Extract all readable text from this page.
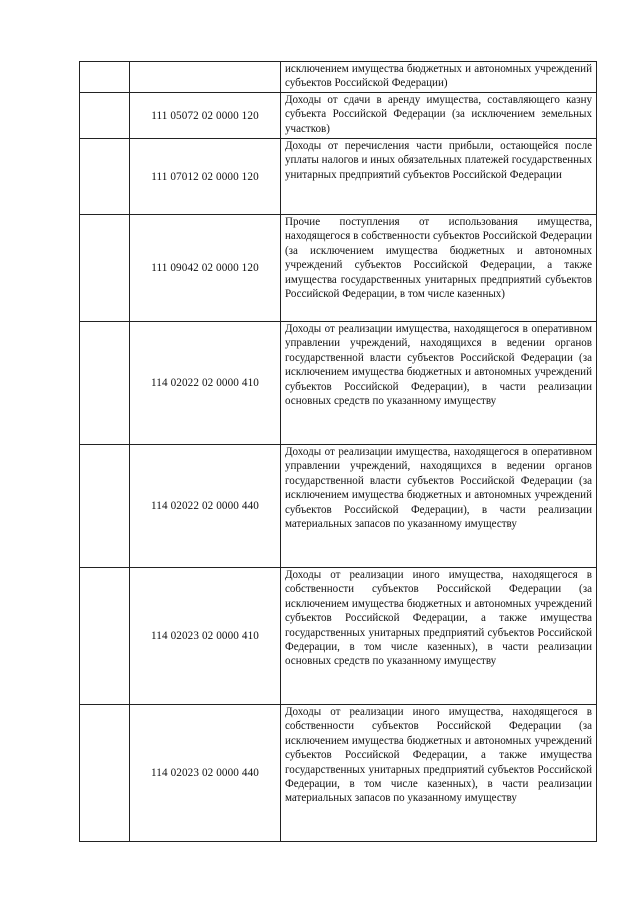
		исключением имущества бюджетных и автономных учреждений субъектов Российской Федерации)
	111 05072 02 0000 120	Доходы от сдачи в аренду имущества, составляющего казну субъекта Российской Федерации (за исключением земельных участков)
	111 07012 02 0000 120	Доходы от перечисления части прибыли, остающейся после уплаты налогов и иных обязательных платежей государственных унитарных предприятий субъектов Российской Федерации
	111 09042 02 0000 120	Прочие поступления от использования имущества, находящегося в собственности субъектов Российской Федерации (за исключением имущества бюджетных и автономных учреждений субъектов Российской Федерации, а также имущества государственных унитарных предприятий субъектов Российской Федерации, в том числе казенных)
	114 02022 02 0000 410	Доходы от реализации имущества, находящегося в оперативном управлении учреждений, находящихся в ведении органов государственной власти субъектов Российской Федерации (за исключением имущества бюджетных и автономных учреждений субъектов Российской Федерации), в части реализации основных средств по указанному имуществу
	114 02022 02 0000 440	Доходы от реализации имущества, находящегося в оперативном управлении учреждений, находящихся в ведении органов государственной власти субъектов Российской Федерации (за исключением имущества бюджетных и автономных учреждений субъектов Российской Федерации), в части реализации материальных запасов по указанному имуществу
	114 02023 02 0000 410	Доходы от реализации иного имущества, находящегося в собственности субъектов Российской Федерации (за исключением имущества бюджетных и автономных учреждений субъектов Российской Федерации, а также имущества государственных унитарных предприятий субъектов Российской Федерации, в том числе казенных), в части реализации основных средств по указанному имуществу
	114 02023 02 0000 440	Доходы от реализации иного имущества, находящегося в собственности субъектов Российской Федерации (за исключением имущества бюджетных и автономных учреждений субъектов Российской Федерации, а также имущества государственных унитарных предприятий субъектов Российской Федерации, в том числе казенных), в части реализации материальных запасов по указанному имуществу
